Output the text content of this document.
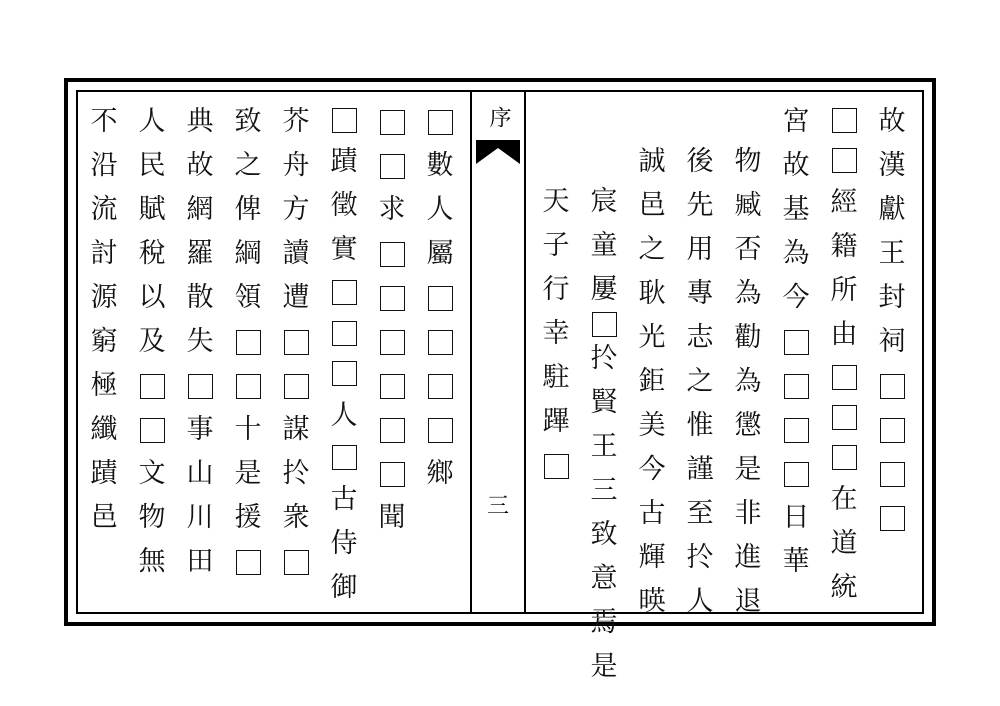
數
人
屬
鄉
求
聞
蹟
徵
實
人
古
侍
御
芥
舟
方
讀
遭
謀
扵
衆
致
之
俾
綱
領
十
是
援
典
故
網
羅
散
失
事
山
川
田
人
民
賦
稅
以
及
文
物
無
不
沿
流
討
源
窮
極
纖
蹟
邑
序
三
故
漢
獻
王
封
祠
經
籍
所
由
在
道
統
宮
故
基
為
今
日
華
物
臧
否
為
勸
為
懲
是
非
進
退
後
先
用
專
志
之
惟
謹
至
扵
人
誠
邑
之
耿
光
鉅
美
今
古
輝
暎
宸
童
屢
扵
賢
王
三
致
意
焉
是
天
子
行
幸
駐
蹕
